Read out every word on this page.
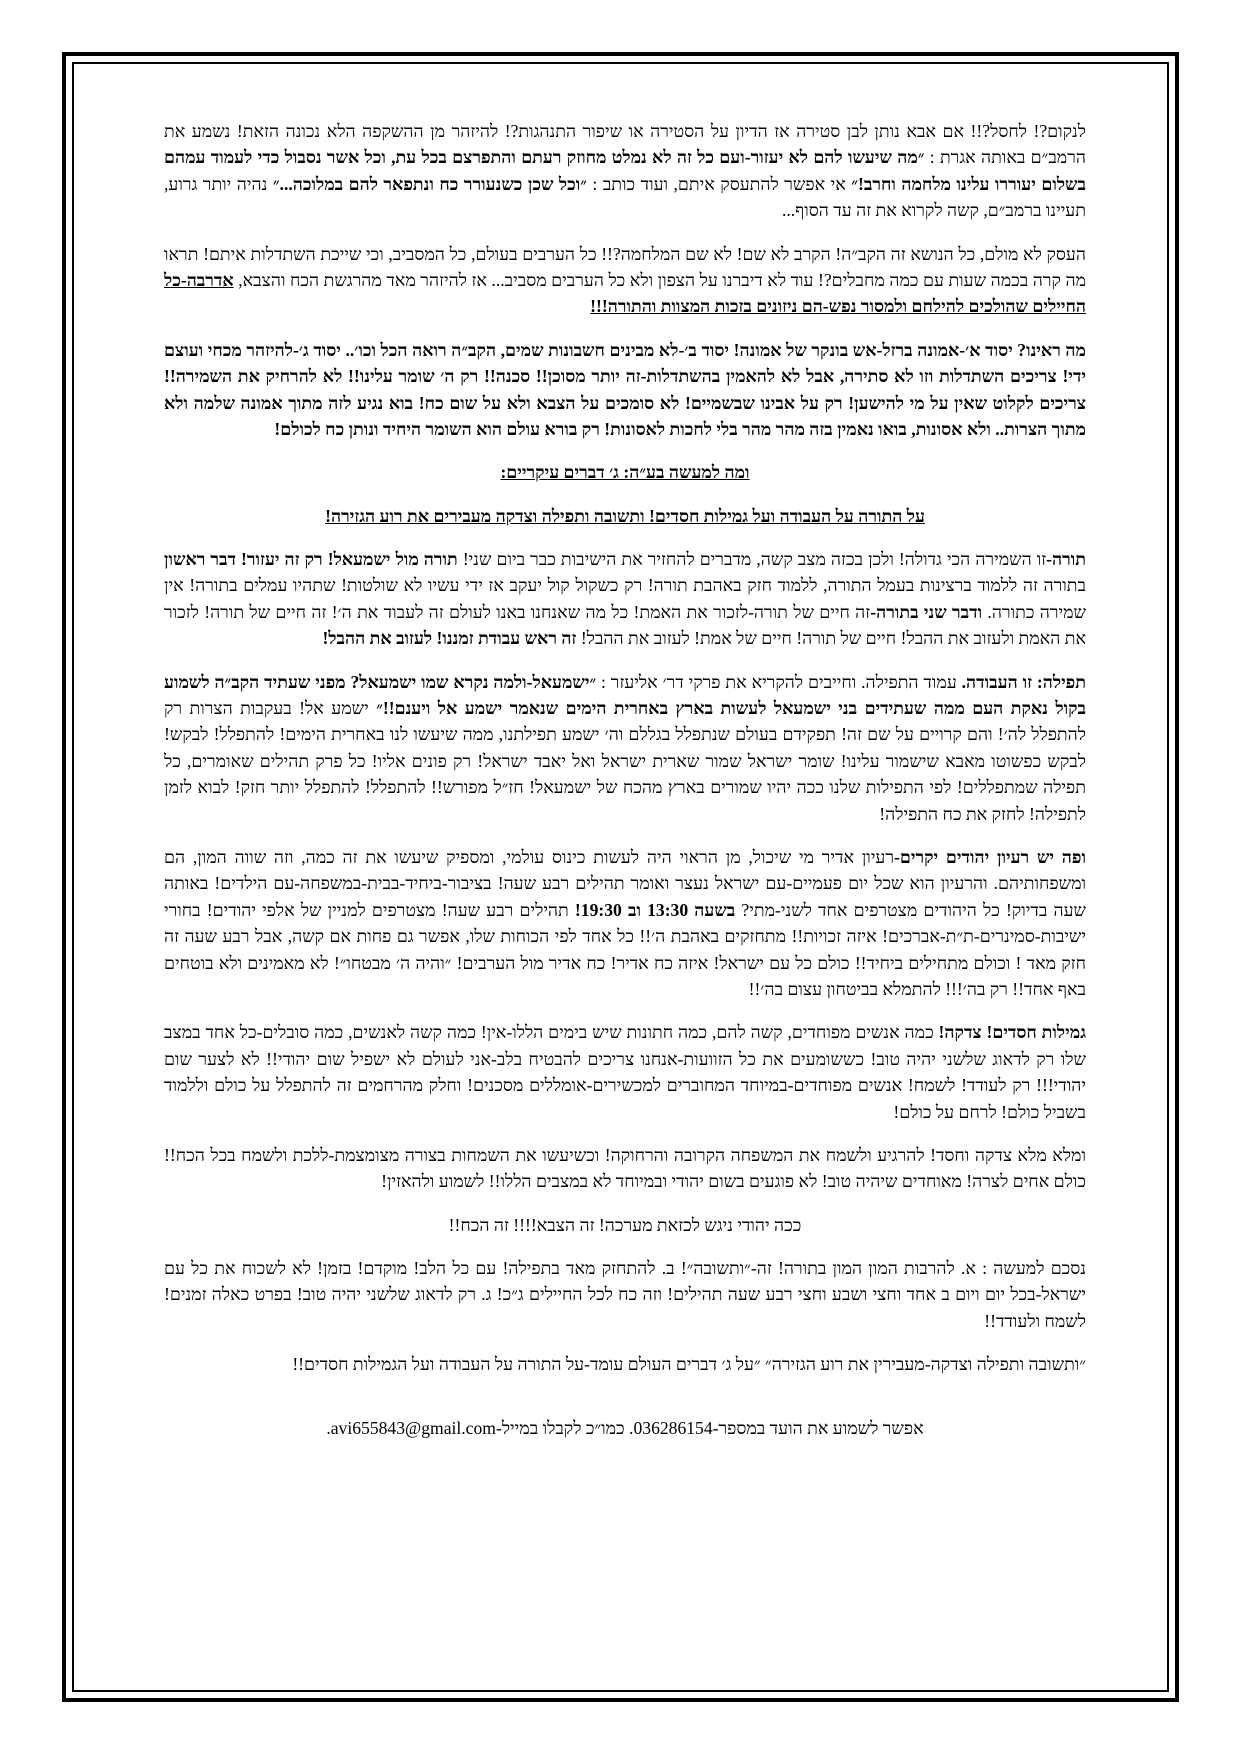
לנקום?! לחסל?!! אם אבא נותן לבן סטירה אז הדיון על הסטירה או שיפור התנהגות?! להיזהר מן ההשקפה הלא נכונה הזאת! נשמע את הרמב״ם באותה אגרת : ״מה שיעשו להם לא יעזור-ועם כל זה לא נמלט מחוזק רעתם והתפרצם בכל עת, וכל אשר נסבול כדי לעמוד עמהם בשלום יעוררו עלינו מלחמה וחרב!״ אי אפשר להתעסק איתם, ועוד כותב : ״וכל שכן כשנעורר כח ונתפאר להם במלוכה...״ נהיה יותר גרוע, תעיינו ברמב״ם, קשה לקרוא את זה עד הסוף...

העסק לא מולם, כל הנושא זה הקב״ה! הקרב לא שם! לא שם המלחמה?!! כל הערבים בעולם, כל המסביב, וכי שייכת השתדלות איתם! תראו מה קרה בכמה שעות עם כמה מחבלים?! עוד לא דיברנו על הצפון ולא כל הערבים מסביב... אז להיזהר מאד מהרגשת הכח והצבא, אדרבה-כל החיילים שהולכים להילחם ולמסור נפש-הם ניזונים בזכות המצוות והתורה!!!

מה ראינו? יסוד א׳-אמונה ברזל-אש בונקר של אמונה! יסוד ב׳-לא מבינים חשבונות שמים, הקב״ה רואה הכל וכו׳.. יסוד ג׳-להיזהר מכחי ועוצם ידי! צריכים השתדלות וזו לא סתירה, אבל לא להאמין בהשתדלות-זה יותר מסוכן!! סכנה!! רק ה׳ שומר עלינו!! לא להרחיק את השמירה!! צריכים לקלוט שאין על מי להישען! רק על אבינו שבשמיים! לא סומכים על הצבא ולא על שום כח! בוא נגיע לזה מתוך אמונה שלמה ולא מתוך הצרות.. ולא אסונות, בואו נאמין בזה מהר מהר בלי לחכות לאסונות! רק בורא עולם הוא השומר היחיד ונותן כח לכולם!

ומה למעשה בע״ה: ג׳ דברים עיקריים:

על התורה על העבודה ועל גמילות חסדים! ותשובה ותפילה וצדקה מעבירים את רוע הגזירה!

תורה-זו השמירה הכי גדולה! ולכן בכזה מצב קשה, מדברים להחזיר את הישיבות כבר ביום שני! תורה מול ישמעאל! רק זה יעזור! דבר ראשון בתורה זה ללמוד ברצינות בעמל התורה, ללמוד חזק באהבת תורה! רק כשקול קול יעקב אז ידי עשיו לא שולטות! שתהיו עמלים בתורה! אין שמירה כתורה. ודבר שני בתורה-זה חיים של תורה-לזכור את האמת! כל מה שאנחנו באנו לעולם זה לעבוד את ה׳! זה חיים של תורה! לזכור את האמת ולעזוב את ההבל! חיים של תורה! חיים של אמת! לעזוב את ההבל! זה ראש עבודת זמננו! לעזוב את ההבל!

תפילה: זו העבודה. עמוד התפילה. וחייבים להקריא את פרקי דר׳ אליעזר : ״ישמעאל-ולמה נקרא שמו ישמעאל? מפני שעתיד הקב״ה לשמוע בקול נאקת העם ממה שעתידים בני ישמעאל לעשות בארץ באחרית הימים שנאמר ישמע אל ויענם!!״ ישמע אל! בעקבות הצרות רק להתפלל לה׳! והם קרויים על שם זה! תפקידם בעולם שנתפלל בגללם וה׳ ישמע תפילתנו, ממה שיעשו לנו באחרית הימים! להתפלל! לבקש! לבקש כפשוטו מאבא שישמור עלינו! שומר ישראל שמור שארית ישראל ואל יאבד ישראל! רק פונים אליו! כל פרק תהילים שאומרים, כל תפילה שמתפללים! לפי התפילות שלנו ככה יהיו שמורים בארץ מהכח של ישמעאל! חז״ל מפורש!! להתפלל! להתפלל יותר חזק! לבוא לזמן לתפילה! לחזק את כח התפילה!

ופה יש רעיון יהודים יקרים-רעיון אדיר מי שיכול, מן הראוי היה לעשות כינוס עולמי, ומספיק שיעשו את זה כמה, וזה שווה המון, הם ומשפחותיהם. והרעיון הוא שכל יום פעמיים-עם ישראל נעצר ואומר תהילים רבע שעה! בציבור-ביחיד-בבית-במשפחה-עם הילדים! באותה שעה בדיוק! כל היהודים מצטרפים אחד לשני-מתי? בשעה 13:30 וב 19:30! תהילים רבע שעה! מצטרפים למניין של אלפי יהודים! בחורי ישיבות-סמינרים-ת״ת-אברכים! איזה זכויות!! מתחזקים באהבת ה׳!! כל אחד לפי הכוחות שלו, אפשר גם פחות אם קשה, אבל רבע שעה זה חזק מאד ! וכולם מתחילים ביחיד!! כולם כל עם ישראל! איזה כח אדיר! כח אדיר מול הערבים! ״והיה ה׳ מבטחו״! לא מאמינים ולא בוטחים באף אחד!! רק בה׳!!! להתמלא בביטחון עצום בה׳!!

גמילות חסדים! צדקה! כמה אנשים מפוחדים, קשה להם, כמה חתונות שיש בימים הללו-אין! כמה קשה לאנשים, כמה סובלים-כל אחד במצב שלו רק לדאוג שלשני יהיה טוב! כששומעים את כל הזוועות-אנחנו צריכים להבטיח בלב-אני לעולם לא ישפיל שום יהודי!! לא לצער שום יהודי!!! רק לעודד! לשמח! אנשים מפוחדים-במיוחד המחוברים למכשירים-אומללים מסכנים! וחלק מהרחמים זה להתפלל על כולם וללמוד בשביל כולם! לרחם על כולם!

ומלא מלא צדקה וחסד! להרגיע ולשמח את המשפחה הקרובה והרחוקה! וכשיעשו את השמחות בצורה מצומצמת-ללכת ולשמח בכל הכח!! כולם אחים לצרה! מאוחדים שיהיה טוב! לא פוגעים בשום יהודי ובמיוחד לא במצבים הללו!! לשמוע ולהאזין!

ככה יהודי ניגש לכזאת מערכה! זה הצבא!!!! זה הכח!!

נסכם למעשה : א. להרבות המון המון בתורה! זה-״ותשובה״! ב. להתחזק מאד בתפילה! עם כל הלב! מוקדם! בזמן! לא לשכוח את כל עם ישראל-בכל יום ויום ב אחד וחצי ושבע וחצי רבע שעה תהילים! וזה כח לכל החיילים ג״כ! ג. רק לדאוג שלשני יהיה טוב! בפרט כאלה זמנים! לשמח ולעודד!!

״ותשובה ותפילה וצדקה-מעבירין את רוע הגזירה״ ״על ג׳ דברים העולם עומד-על התורה על העבודה ועל הגמילות חסדים!!

אפשר לשמוע את הועד במספר-036286154. כמו״כ לקבלו במייל-avi655843@gmail.com.
